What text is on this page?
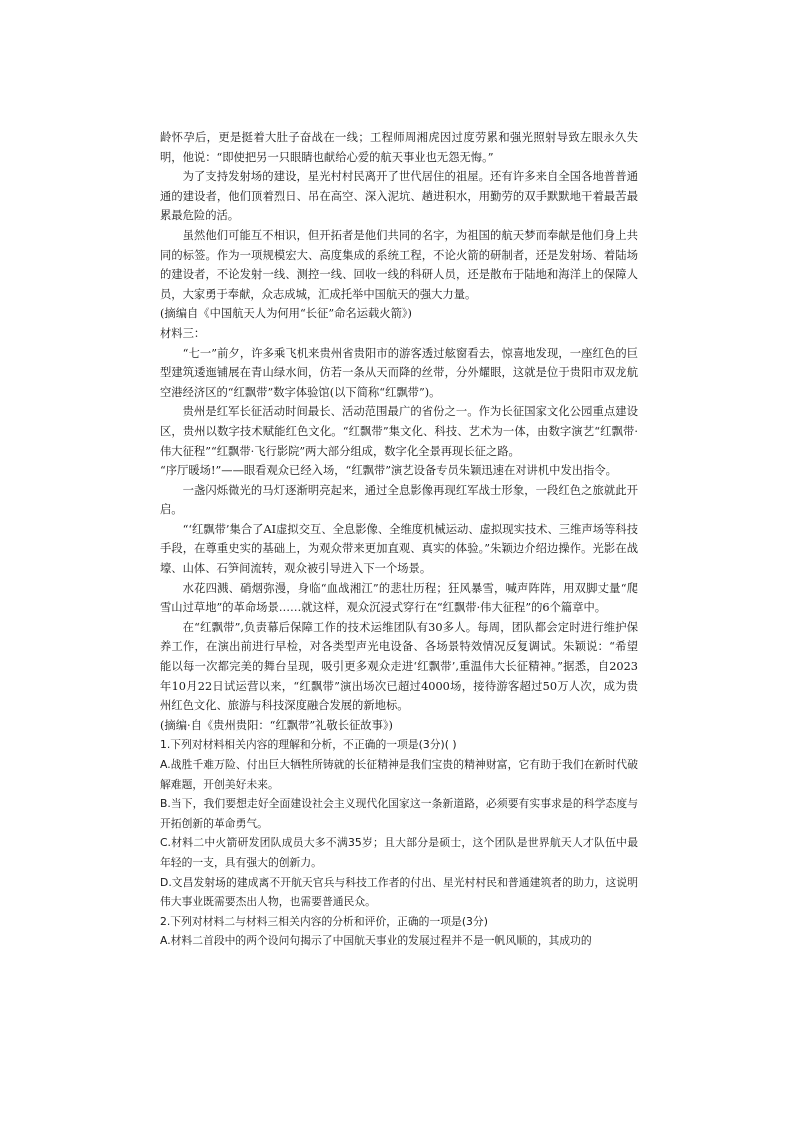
龄怀孕后，更是挺着大肚子奋战在一线；工程师周湘虎因过度劳累和强光照射导致左眼永久失明，他说：“即使把另一只眼睛也献给心爱的航天事业也无怨无悔。”

为了支持发射场的建设，星光村村民离开了世代居住的祖屋。还有许多来自全国各地普普通通的建设者，他们顶着烈日、吊在高空、深入泥坑、趟进积水，用勤劳的双手默默地干着最苦最累最危险的活。

虽然他们可能互不相识，但开拓者是他们共同的名字，为祖国的航天梦而奉献是他们身上共同的标签。作为一项规模宏大、高度集成的系统工程，不论火箭的研制者，还是发射场、着陆场的建设者，不论发射一线、测控一线、回收一线的科研人员，还是散布于陆地和海洋上的保障人员，大家勇于奉献，众志成城，汇成托举中国航天的强大力量。

(摘编自《中国航天人为何用“长征”命名运载火箭》)

材料三：

“七一”前夕，许多乘飞机来贵州省贵阳市的游客透过舷窗看去，惊喜地发现，一座红色的巨型建筑逶迤铺展在青山绿水间，仿若一条从天而降的丝带，分外耀眼，这就是位于贵阳市双龙航空港经济区的“红飘带”数字体验馆(以下简称“红飘带”)。

贵州是红军长征活动时间最长、活动范围最广的省份之一。作为长征国家文化公园重点建设区，贵州以数字技术赋能红色文化。“红飘带”集文化、科技、艺术为一体，由数字演艺“红飘带·伟大征程”“红飘带·飞行影院”两大部分组成，数字化全景再现长征之路。

“序厅暖场!”——眼看观众已经入场，“红飘带”演艺设备专员朱颖迅速在对讲机中发出指令。

一盏闪烁微光的马灯逐渐明亮起来，通过全息影像再现红军战士形象，一段红色之旅就此开启。

“‘红飘带’集合了AI虚拟交互、全息影像、全维度机械运动、虚拟现实技术、三维声场等科技手段，在尊重史实的基础上，为观众带来更加直观、真实的体验。”朱颖边介绍边操作。光影在战壕、山体、石笋间流转，观众被引导进入下一个场景。

水花四溅、硝烟弥漫，身临“血战湘江”的悲壮历程；狂风暴雪，喊声阵阵，用双脚丈量“爬雪山过草地”的革命场景……就这样，观众沉浸式穿行在“红飘带·伟大征程”的6个篇章中。

在“红飘带”,负责幕后保障工作的技术运维团队有30多人。每周，团队都会定时进行维护保养工作，在演出前进行早检，对各类型声光电设备、各场景特效情况反复调试。朱颖说：“希望能以每一次都完美的舞台呈现，吸引更多观众走进‘红飘带’,重温伟大长征精神。”据悉，自2023年10月22日试运营以来，“红飘带”演出场次已超过4000场，接待游客超过50万人次，成为贵州红色文化、旅游与科技深度融合发展的新地标。

(摘编·自《贵州贵阳：“红飘带”礼敬长征故事》)

1.下列对材料相关内容的理解和分析，不正确的一项是(3分)( )

A.战胜千难万险、付出巨大牺牲所铸就的长征精神是我们宝贵的精神财富，它有助于我们在新时代破解难题，开创美好未来。

B.当下，我们要想走好全面建设社会主义现代化国家这一条新道路，必须要有实事求是的科学态度与开拓创新的革命勇气。

C.材料二中火箭研发团队成员大多不满35岁；且大部分是硕士，这个团队是世界航天人才队伍中最年轻的一支，具有强大的创新力。

D.文昌发射场的建成离不开航天官兵与科技工作者的付出、星光村村民和普通建筑者的助力，这说明伟大事业既需要杰出人物，也需要普通民众。

2.下列对材料二与材料三相关内容的分析和评价，正确的一项是(3分)

A.材料二首段中的两个设问句揭示了中国航天事业的发展过程并不是一帆风顺的，其成功的
